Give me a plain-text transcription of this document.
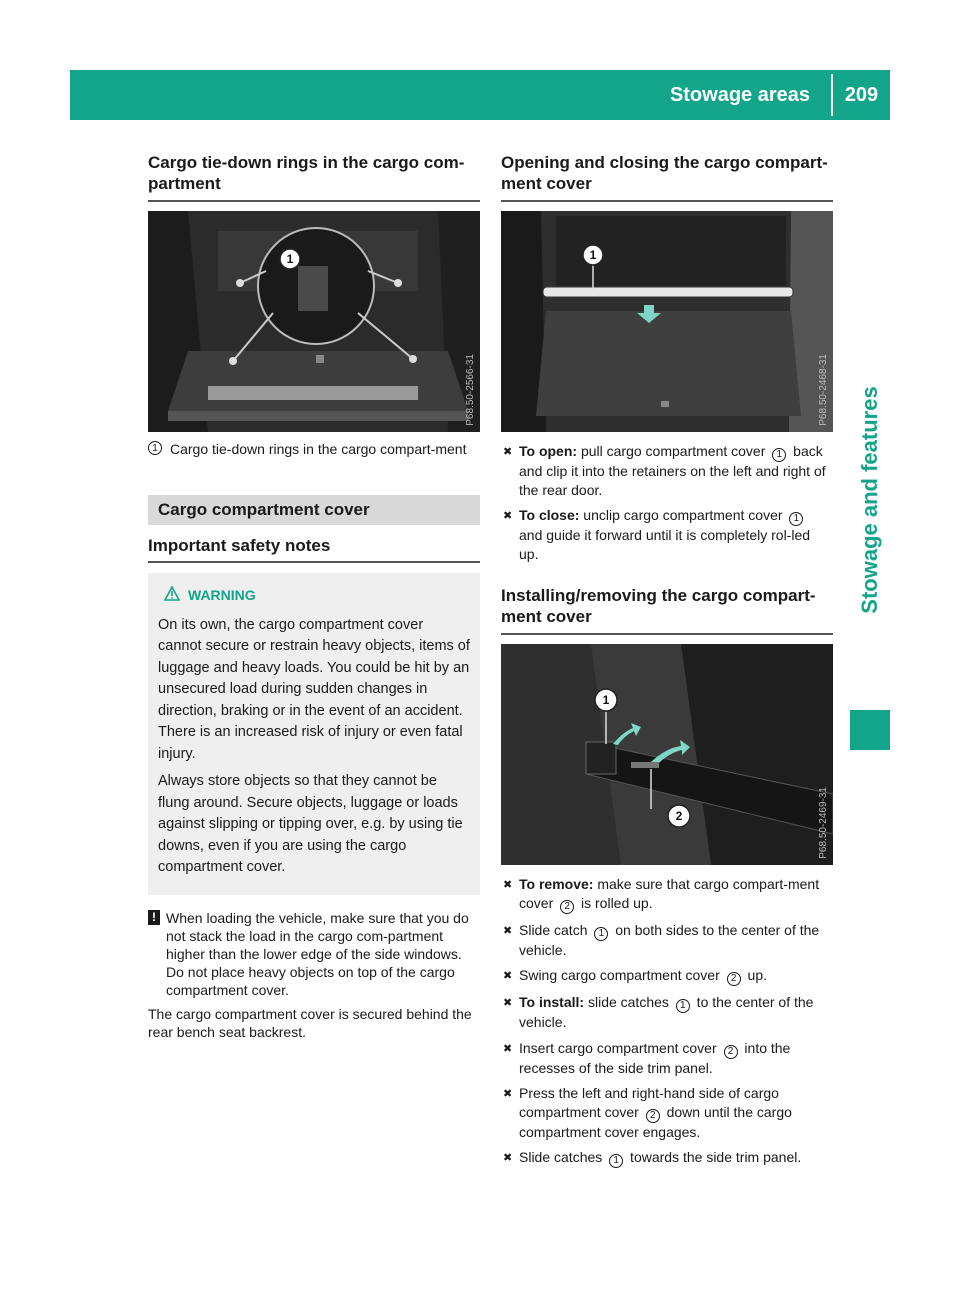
Stowage areas	209
Stowage and features
Cargo tie-down rings in the cargo com-partment
1
P68.50-2566-31
1 Cargo tie-down rings in the cargo compart-ment
Cargo compartment cover
Important safety notes
WARNING

On its own, the cargo compartment cover cannot secure or restrain heavy objects, items of luggage and heavy loads. You could be hit by an unsecured load during sudden changes in direction, braking or in the event of an accident. There is an increased risk of injury or even fatal injury.

Always store objects so that they cannot be flung around. Secure objects, luggage or loads against slipping or tipping over, e.g. by using tie downs, even if you are using the cargo compartment cover.

! When loading the vehicle, make sure that you do not stack the load in the cargo com-partment higher than the lower edge of the side windows. Do not place heavy objects on top of the cargo compartment cover.
The cargo compartment cover is secured behind the rear bench seat backrest.
Opening and closing the cargo compart-ment cover
1
P68.50-2468-31
✖ To open: pull cargo compartment cover 1 back and clip it into the retainers on the left and right of the rear door.
✖ To close: unclip cargo compartment cover 1 and guide it forward until it is completely rol-led up.
Installing/removing the cargo compart-ment cover
1
2	P68.50-2469-31
✖ To remove: make sure that cargo compart-ment cover 2 is rolled up.
✖ Slide catch 1 on both sides to the center of the vehicle.
✖ Swing cargo compartment cover 2 up.
✖ To install: slide catches 1 to the center of the vehicle.
✖ Insert cargo compartment cover 2 into the recesses of the side trim panel.
✖ Press the left and right-hand side of cargo compartment cover 2 down until the cargo compartment cover engages.
✖ Slide catches 1 towards the side trim panel.
